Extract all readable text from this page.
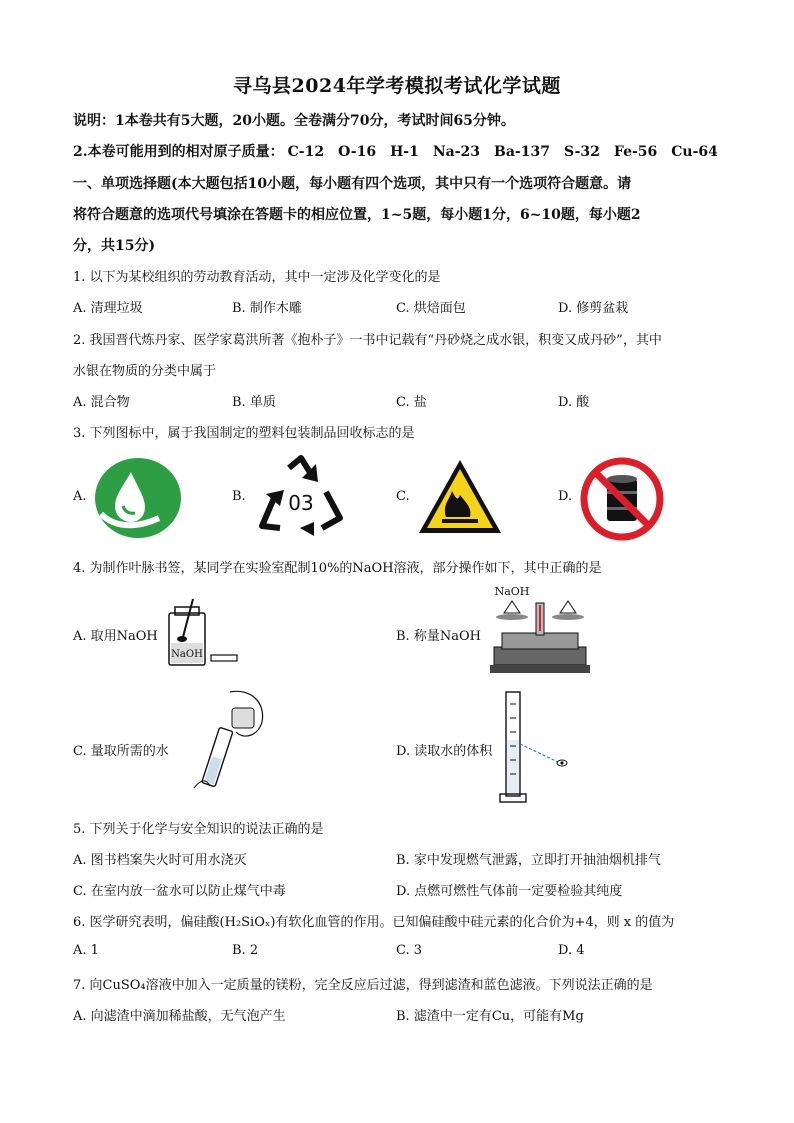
寻乌县2024年学考模拟考试化学试题
说明：1本卷共有5大题，20小题。全卷满分70分，考试时间65分钟。
2.本卷可能用到的相对原子质量： C-12 O-16 H-1 Na-23 Ba-137 S-32 Fe-56 Cu-64
一、单项选择题(本大题包括10小题，每小题有四个选项，其中只有一个选项符合题意。请
将符合题意的选项代号填涂在答题卡的相应位置，1~5题，每小题1分，6~10题，每小题2
分，共15分)
1. 以下为某校组织的劳动教育活动，其中一定涉及化学变化的是
A. 清理垃圾	B. 制作木雕	C. 烘焙面包	D. 修剪盆栽
2. 我国晋代炼丹家、医学家葛洪所著《抱朴子》一书中记载有“丹砂烧之成水银，积变又成丹砂”，其中
水银在物质的分类中属于
A. 混合物	B. 单质	C. 盐	D. 酸
3. 下列图标中，属于我国制定的塑料包装制品回收标志的是
A.	B. 03	C.	D.
4. 为制作叶脉书签，某同学在实验室配制10%的NaOH溶液，部分操作如下，其中正确的是
A. 取用NaOH
NaOH
B. 称量NaOH
NaOH
C. 量取所需的水	D. 读取水的体积
5. 下列关于化学与安全知识的说法正确的是
A. 图书档案失火时可用水浇灭	B. 家中发现燃气泄露，立即打开抽油烟机排气
C. 在室内放一盆水可以防止煤气中毒	D. 点燃可燃性气体前一定要检验其纯度
6. 医学研究表明，偏硅酸(H₂SiOₓ)有软化血管的作用。已知偏硅酸中硅元素的化合价为+4，则 x 的值为
A. 1	B. 2	C. 3	D. 4
7. 向CuSO₄溶液中加入一定质量的镁粉，完全反应后过滤，得到滤渣和蓝色滤液。下列说法正确的是
A. 向滤渣中滴加稀盐酸，无气泡产生	B. 滤渣中一定有Cu，可能有Mg
